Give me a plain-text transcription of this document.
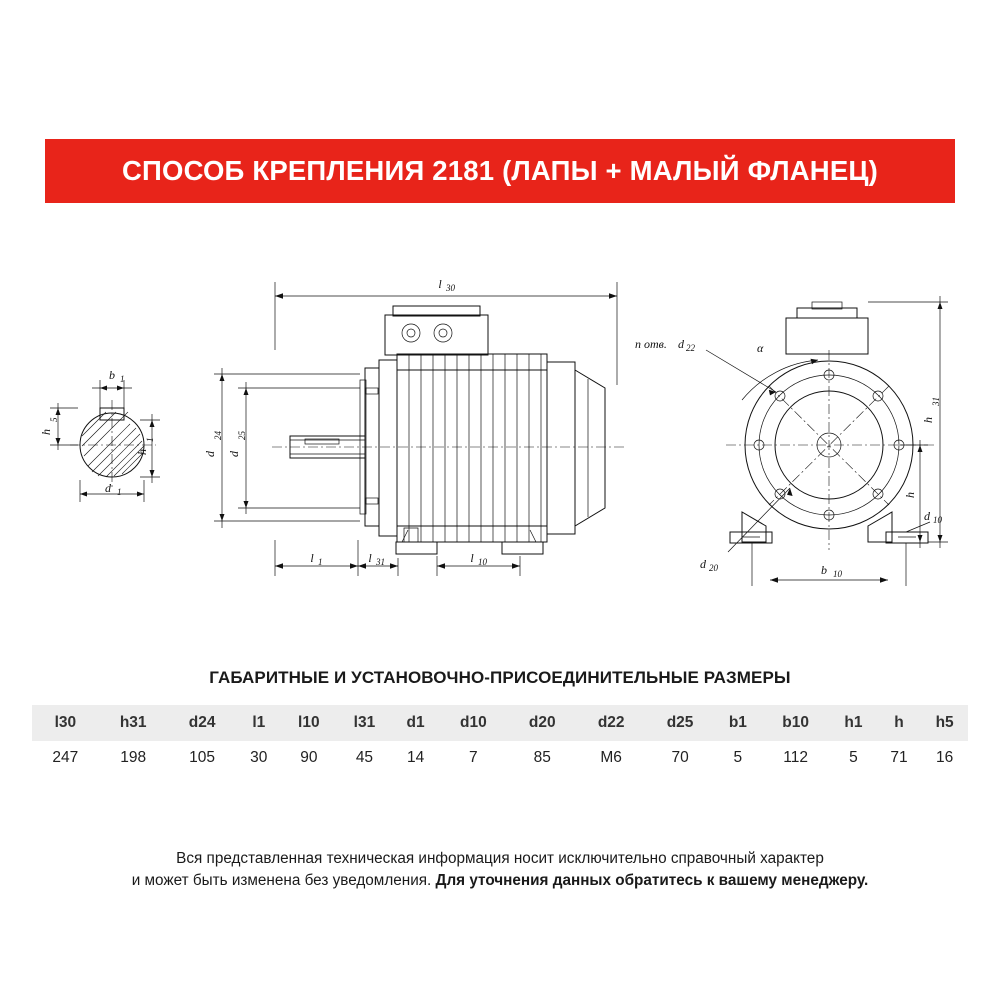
СПОСОБ КРЕПЛЕНИЯ 2181 (ЛАПЫ + МАЛЫЙ ФЛАНЕЦ)
b 1
h
5
h
1
d 1
l 30
d
24
d
25
l 1	l 31	l 10
α
n отв. d 22
d 20
h
31
h
d 10
b 10
ГАБАРИТНЫЕ И УСТАНОВОЧНО-ПРИСОЕДИНИТЕЛЬНЫЕ РАЗМЕРЫ
l30	h31	d24	l1	l10	l31	d1	d10	d20	d22	d25	b1	b10	h1	h	h5
247	198	105	30	90	45	14	7	85	M6	70	5	112	5	71	16
Вся представленная техническая информация носит исключительно справочный характер
и может быть изменена без уведомления. Для уточнения данных обратитесь к вашему менеджеру.
